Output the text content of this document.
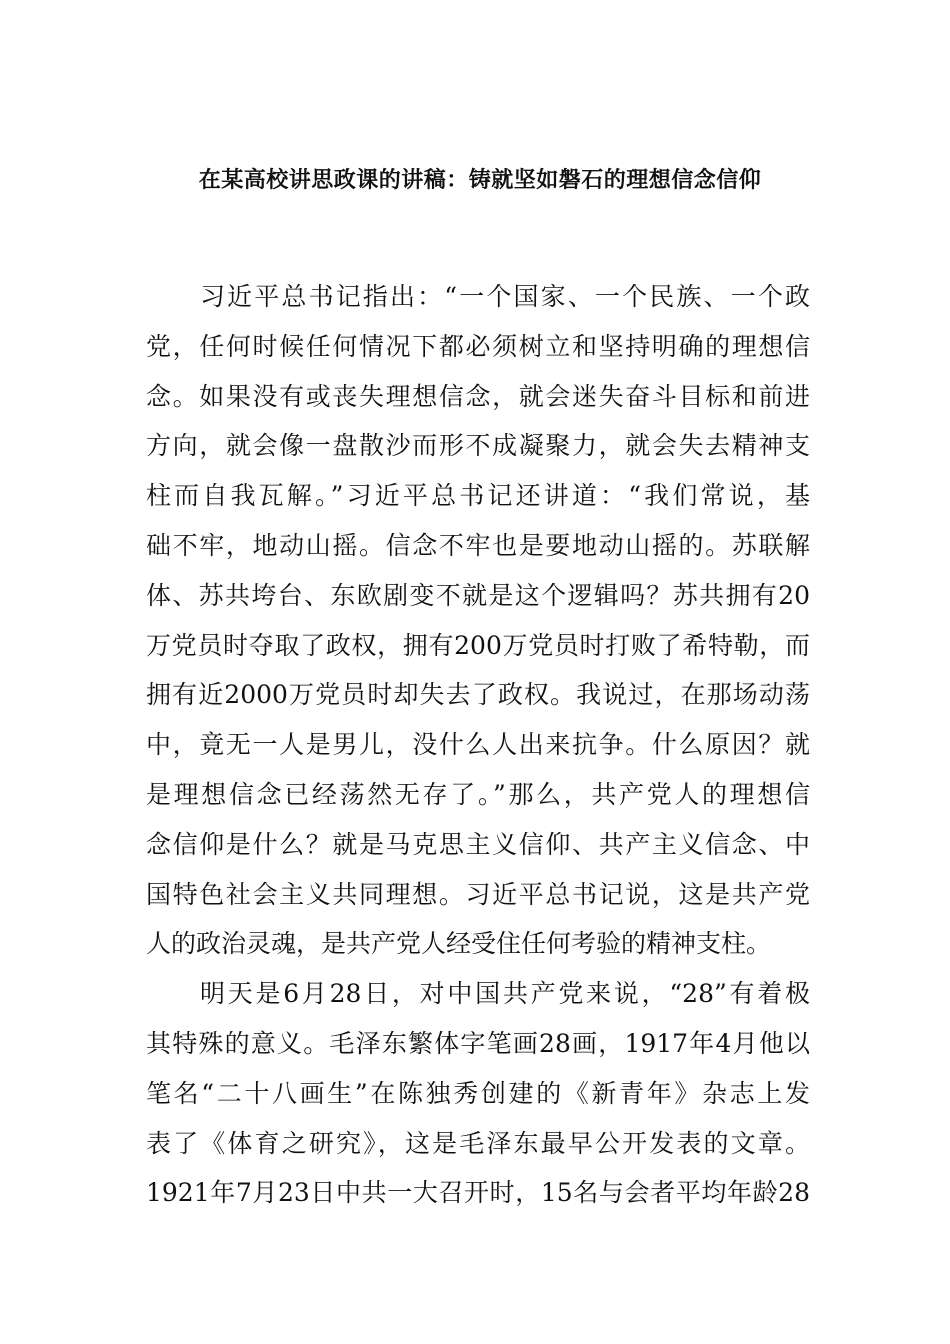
在某高校讲思政课的讲稿：铸就坚如磐石的理想信念信仰
习近平总书记指出：“一个国家、一个民族、一个政
党，任何时候任何情况下都必须树立和坚持明确的理想信
念。如果没有或丧失理想信念，就会迷失奋斗目标和前进
方向，就会像一盘散沙而形不成凝聚力，就会失去精神支
柱而自我瓦解。”习近平总书记还讲道：“我们常说，基
础不牢，地动山摇。信念不牢也是要地动山摇的。苏联解
体、苏共垮台、东欧剧变不就是这个逻辑吗？苏共拥有20
万党员时夺取了政权，拥有200万党员时打败了希特勒，而
拥有近2000万党员时却失去了政权。我说过，在那场动荡
中，竟无一人是男儿，没什么人出来抗争。什么原因？就
是理想信念已经荡然无存了。”那么，共产党人的理想信
念信仰是什么？就是马克思主义信仰、共产主义信念、中
国特色社会主义共同理想。习近平总书记说，这是共产党
人的政治灵魂，是共产党人经受住任何考验的精神支柱。
明天是6月28日，对中国共产党来说，“28”有着极
其特殊的意义。毛泽东繁体字笔画28画，1917年4月他以
笔名“二十八画生”在陈独秀创建的《新青年》杂志上发
表了《体育之研究》，这是毛泽东最早公开发表的文章。
1921年7月23日中共一大召开时，15名与会者平均年龄28
